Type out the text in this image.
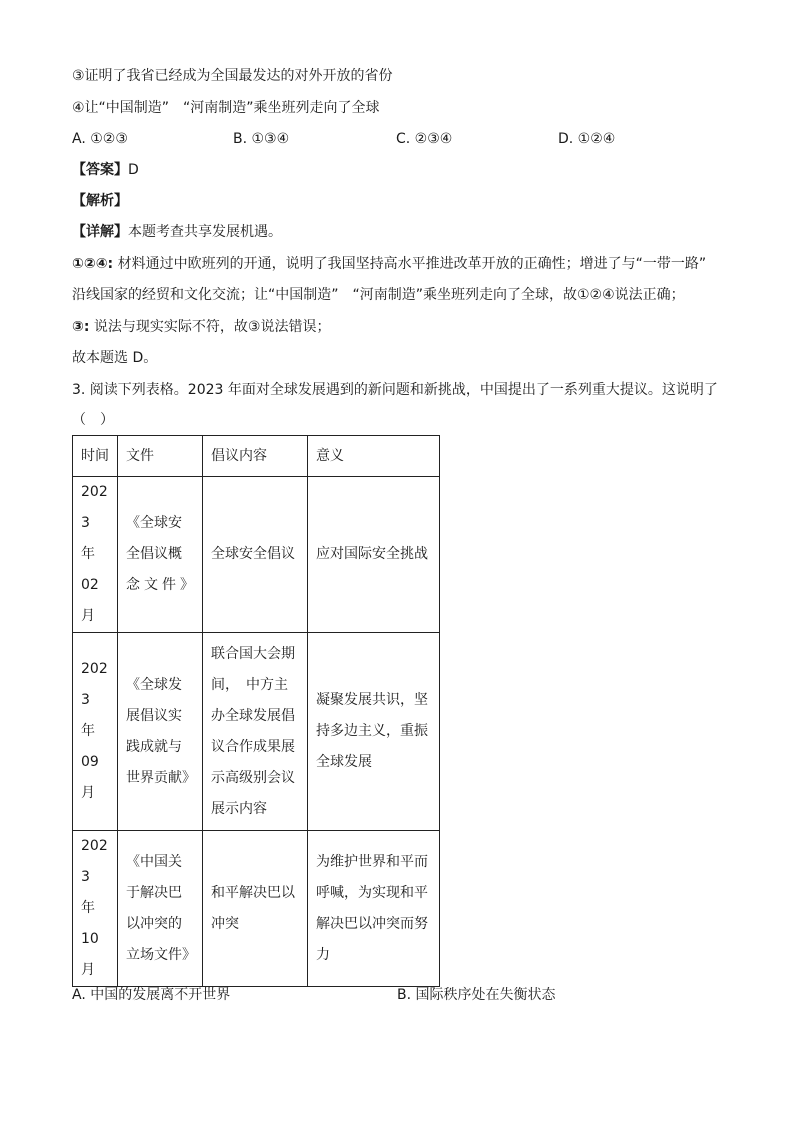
③证明了我省已经成为全国最发达的对外开放的省份
④让“中国制造”　“河南制造”乘坐班列走向了全球
A. ①②③	B. ①③④	C. ②③④	D. ①②④
【答案】D
【解析】
【详解】本题考查共享发展机遇。
①②④: 材料通过中欧班列的开通，说明了我国坚持高水平推进改革开放的正确性；增进了与“一带一路”
沿线国家的经贸和文化交流；让“中国制造”　“河南制造”乘坐班列走向了全球，故①②④说法正确；
③: 说法与现实实际不符，故③说法错误；
故本题选 D。
3. 阅读下列表格。2023 年面对全球发展遇到的新问题和新挑战，中国提出了一系列重大提议。这说明了
（　）
时间	文件	倡议内容	意义

2023
年
02
月	《全球安全倡议概念文件》	全球安全倡议	应对国际安全挑战

2023
年
09
月	《全球发展倡议实践成就与世界贡献》	联合国大会期间，　中方主办全球发展倡议合作成果展示高级别会议展示内容	凝聚发展共识，坚持多边主义，重振全球发展

2023
年
10
月	《中国关于解决巴以冲突的立场文件》	和平解决巴以冲突	为维护世界和平而呼喊，为实现和平解决巴以冲突而努力
A. 中国的发展离不开世界	B. 国际秩序处在失衡状态
